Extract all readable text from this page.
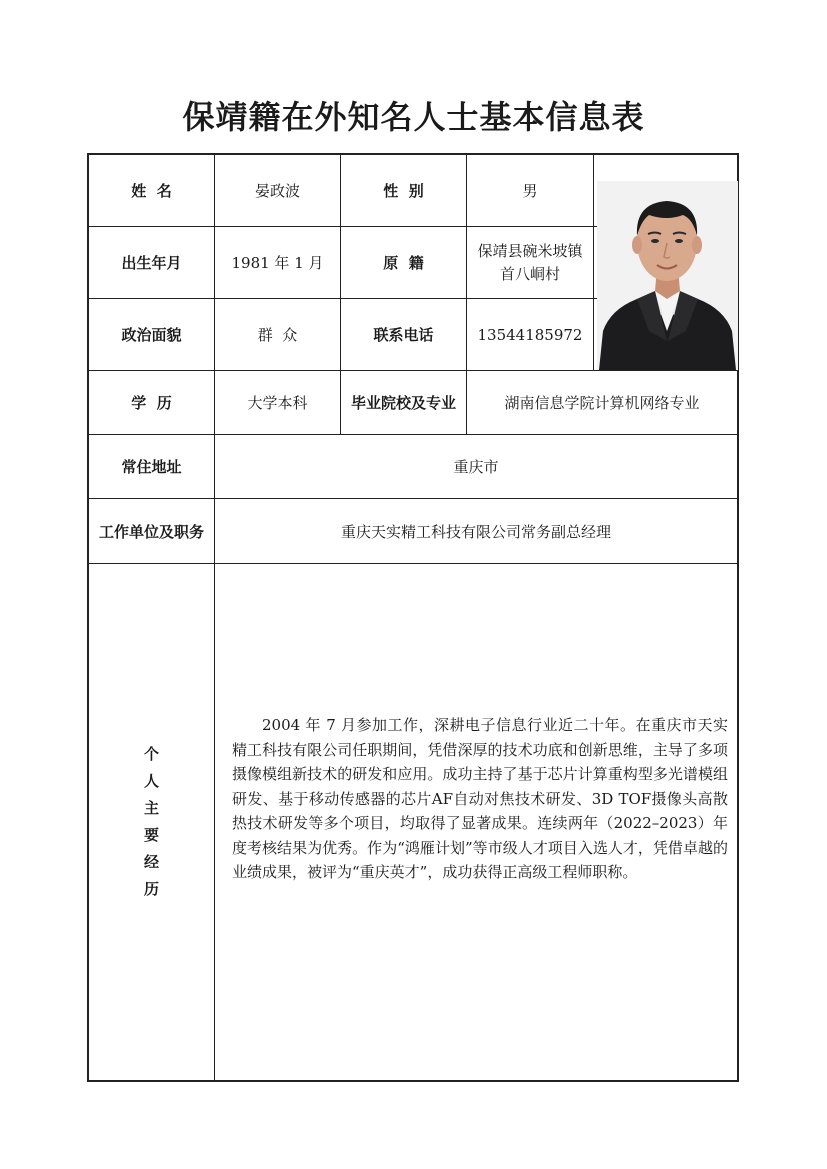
保靖籍在外知名人士基本信息表
姓  名	晏政波	性  别	男
出生年月	1981 年 1 月	原  籍
保靖县碗米坡镇
首八峒村
政治面貌	群  众	联系电话	13544185972
学  历	大学本科	毕业院校及专业	湖南信息学院计算机网络专业
常住地址	重庆市
工作单位及职务	重庆天实精工科技有限公司常务副总经理
个
人
主
要
经
历
2004 年 7 月参加工作，深耕电子信息行业近二十年。在重庆市天实精工科技有限公司任职期间，凭借深厚的技术功底和创新思维，主导了多项摄像模组新技术的研发和应用。成功主持了基于芯片计算重构型多光谱模组研发、基于移动传感器的芯片AF自动对焦技术研发、3D TOF摄像头高散热技术研发等多个项目，均取得了显著成果。连续两年（2022–2023）年度考核结果为优秀。作为“鸿雁计划”等市级人才项目入选人才，凭借卓越的业绩成果，被评为“重庆英才”，成功获得正高级工程师职称。
